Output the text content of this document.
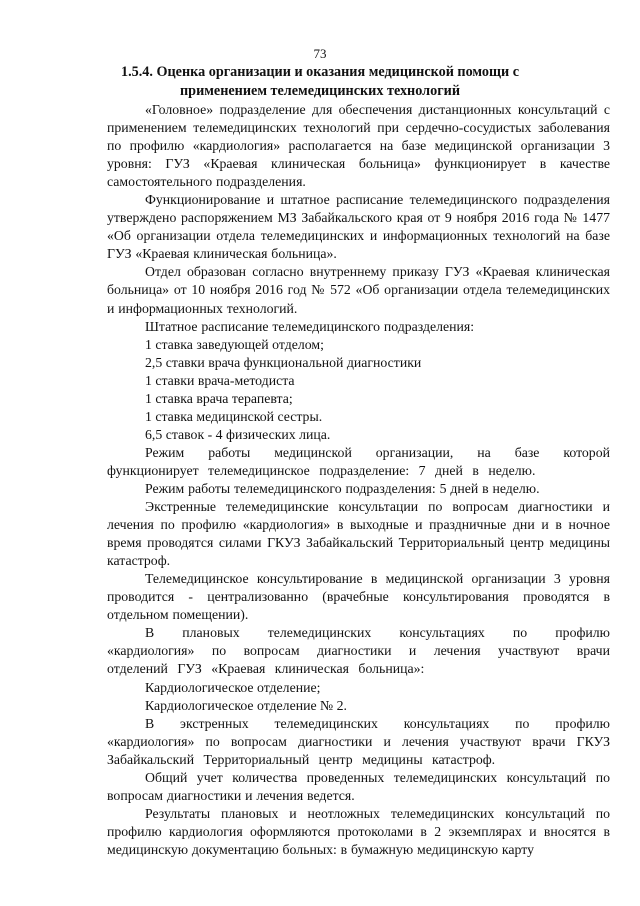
73
1.5.4. Оценка организации и оказания медицинской помощи с применением телемедицинских технологий

«Головное» подразделение для обеспечения дистанционных консультаций с применением телемедицинских технологий при сердечно-сосудистых заболевания по профилю «кардиология» располагается на базе медицинской организации 3 уровня: ГУЗ «Краевая клиническая больница» функционирует в качестве самостоятельного подразделения.

Функционирование и штатное расписание телемедицинского подразделения утверждено распоряжением МЗ Забайкальского края от 9 ноября 2016 года № 1477 «Об организации отдела телемедицинских и информационных технологий на базе ГУЗ «Краевая клиническая больница».

Отдел образован согласно внутреннему приказу ГУЗ «Краевая клиническая больница» от 10 ноября 2016 год № 572 «Об организации отдела телемедицинских и информационных технологий.

Штатное расписание телемедицинского подразделения:

1 ставка заведующей отделом;

2,5 ставки врача функциональной диагностики

1 ставки врача-методиста

1 ставка врача терапевта;

1 ставка медицинской сестры.

6,5 ставок - 4 физических лица.

Режим работы медицинской организации, на базе которой функционирует телемедицинское подразделение: 7 дней в неделю.

Режим работы телемедицинского подразделения: 5 дней в неделю.

Экстренные телемедицинские консультации по вопросам диагностики и лечения по профилю «кардиология» в выходные и праздничные дни и в ночное время проводятся силами ГКУЗ Забайкальский Территориальный центр медицины катастроф.

Телемедицинское консультирование в медицинской организации 3 уровня проводится - централизованно (врачебные консультирования проводятся в отдельном помещении).

В плановых телемедицинских консультациях по профилю «кардиология» по вопросам диагностики и лечения участвуют врачи отделений ГУЗ «Краевая клиническая больница»:

Кардиологическое отделение;

Кардиологическое отделение № 2.

В экстренных телемедицинских консультациях по профилю «кардиология» по вопросам диагностики и лечения участвуют врачи ГКУЗ Забайкальский Территориальный центр медицины катастроф.

Общий учет количества проведенных телемедицинских консультаций по вопросам диагностики и лечения ведется.

Результаты плановых и неотложных телемедицинских консультаций по профилю кардиология оформляются протоколами в 2 экземплярах и вносятся в медицинскую документацию больных: в бумажную медицинскую карту
